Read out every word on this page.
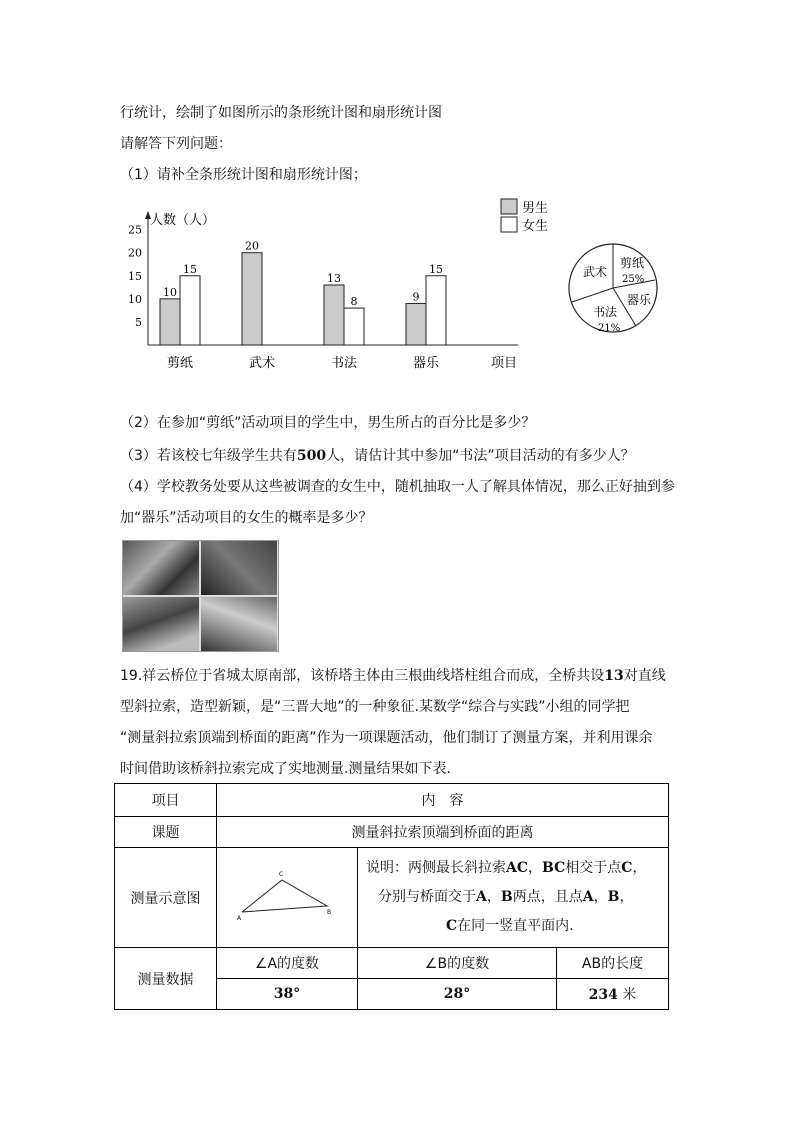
行统计，绘制了如图所示的条形统计图和扇形统计图
请解答下列问题：
（1）请补全条形统计图和扇形统计图；
人数（人）
项目
5
10
15
20
25
剪纸
10
15
武术
20
书法
13
8
器乐
9
15
男生
女生
武术
剪纸
25%
器乐
书法
21%
（2）在参加“剪纸”活动项目的学生中，男生所占的百分比是多少？
（3）若该校七年级学生共有500人，请估计其中参加“书法”项目活动的有多少人？
（4）学校教务处要从这些被调查的女生中，随机抽取一人了解具体情况，那么正好抽到参
加“器乐”活动项目的女生的概率是多少？
19.祥云桥位于省城太原南部，该桥塔主体由三根曲线塔柱组合而成，全桥共设13对直线
型斜拉索，造型新颖，是“三晋大地”的一种象征.某数学“综合与实践”小组的同学把
“测量斜拉索顶端到桥面的距离”作为一项课题活动，他们制订了测量方案，并利用课余
时间借助该桥斜拉索完成了实地测量.测量结果如下表.
项目	内　容		
课题	测量斜拉索顶端到桥面的距离		
测量示意图	C
A
B	说明：两侧最长斜拉索AC，BC相交于点C，
分别与桥面交于A，B两点，且点A，B，
C在同一竖直平面内.	
测量数据	∠A的度数	∠B的度数	AB的长度
	38°	28°	234 米
